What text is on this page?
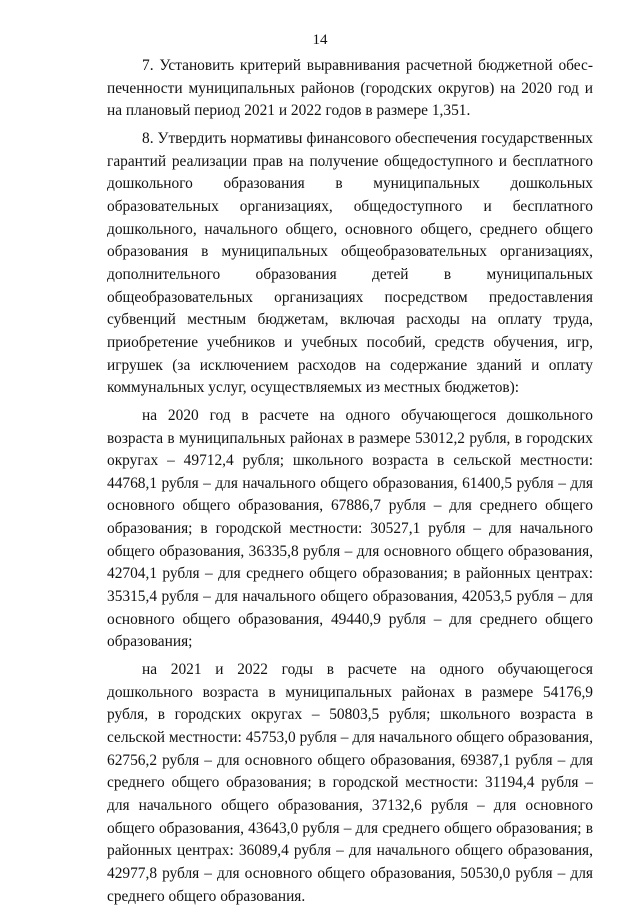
14

7. Установить критерий выравнивания расчетной бюджетной обеспеченности муниципальных районов (городских округов) на 2020 год и на плановый период 2021 и 2022 годов в размере 1,351.

8. Утвердить нормативы финансового обеспечения государственных гарантий реализации прав на получение общедоступного и бесплатного дошкольного образования в муниципальных дошкольных образовательных организациях, общедоступного и бесплатного дошкольного, начального общего, основного общего, среднего общего образования в муниципальных общеобразовательных организациях, дополнительного образования детей в муниципальных общеобразовательных организациях посредством предоставления субвенций местным бюджетам, включая расходы на оплату труда, приобретение учебников и учебных пособий, средств обучения, игр, игрушек (за исключением расходов на содержание зданий и оплату коммунальных услуг, осуществляемых из местных бюджетов):

на 2020 год в расчете на одного обучающегося дошкольного возраста в муниципальных районах в размере 53012,2 рубля, в городских округах – 49712,4 рубля; школьного возраста в сельской местности: 44768,1 рубля – для начального общего образования, 61400,5 рубля – для основного общего образования, 67886,7 рубля – для среднего общего образования; в городской местности: 30527,1 рубля – для начального общего образования, 36335,8 рубля – для основного общего образования, 42704,1 рубля – для среднего общего образования; в районных центрах: 35315,4 рубля – для начального общего образования, 42053,5 рубля – для основного общего образования, 49440,9 рубля – для среднего общего образования;

на 2021 и 2022 годы в расчете на одного обучающегося дошкольного возраста в муниципальных районах в размере 54176,9 рубля, в городских округах – 50803,5 рубля; школьного возраста в сельской местности: 45753,0 рубля – для начального общего образования, 62756,2 рубля – для основного общего образования, 69387,1 рубля – для среднего общего образования; в городской местности: 31194,4 рубля – для начального общего образования, 37132,6 рубля – для основного общего образования, 43643,0 рубля – для среднего общего образования; в районных центрах: 36089,4 рубля – для начального общего образования, 42977,8 рубля – для основного общего образования, 50530,0 рубля – для среднего общего образования.
